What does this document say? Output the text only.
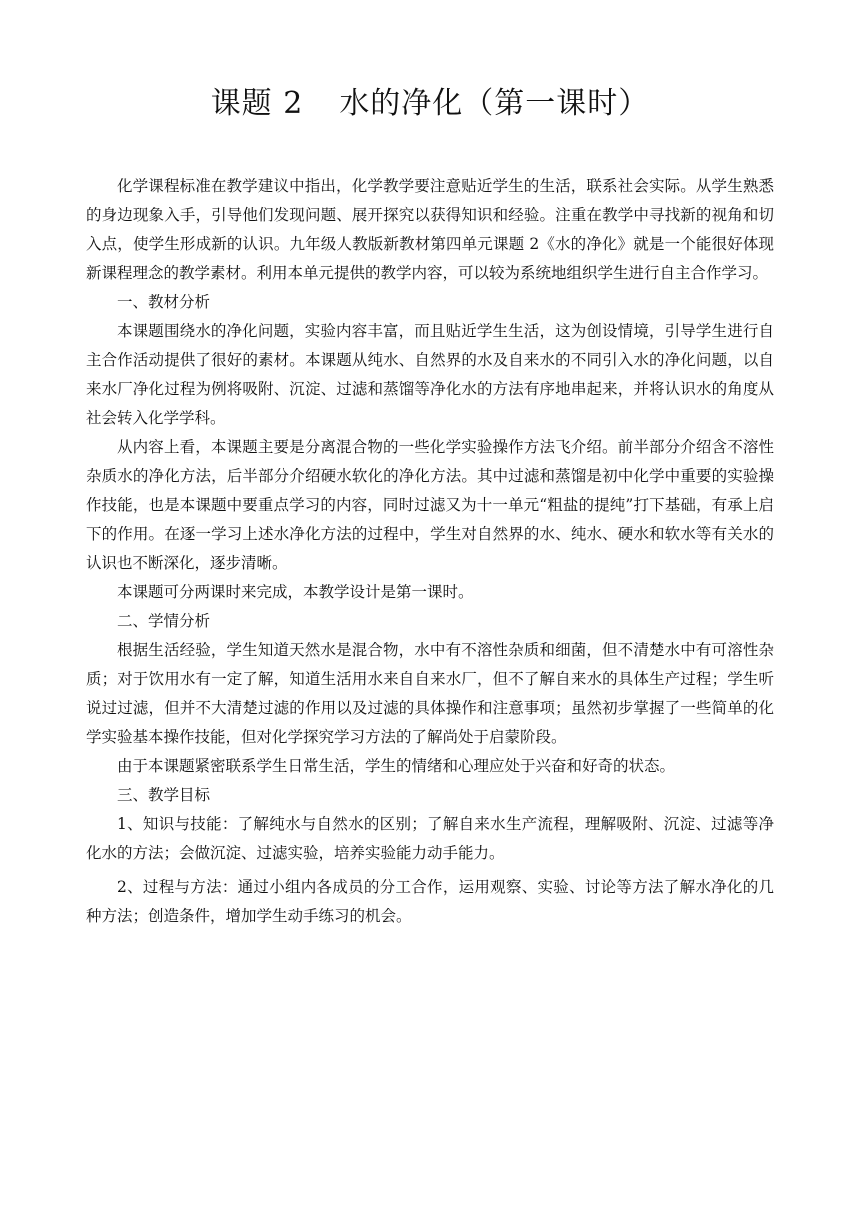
课题 2 水的净化（第一课时）

化学课程标准在教学建议中指出，化学教学要注意贴近学生的生活，联系社会实际。从学生熟悉的身边现象入手，引导他们发现问题、展开探究以获得知识和经验。注重在教学中寻找新的视角和切入点，使学生形成新的认识。九年级人教版新教材第四单元课题 2《水的净化》就是一个能很好体现新课程理念的教学素材。利用本单元提供的教学内容，可以较为系统地组织学生进行自主合作学习。

一、教材分析

本课题围绕水的净化问题，实验内容丰富，而且贴近学生生活，这为创设情境，引导学生进行自主合作活动提供了很好的素材。本课题从纯水、自然界的水及自来水的不同引入水的净化问题，以自来水厂净化过程为例将吸附、沉淀、过滤和蒸馏等净化水的方法有序地串起来，并将认识水的角度从社会转入化学学科。

从内容上看，本课题主要是分离混合物的一些化学实验操作方法飞介绍。前半部分介绍含不溶性杂质水的净化方法，后半部分介绍硬水软化的净化方法。其中过滤和蒸馏是初中化学中重要的实验操作技能，也是本课题中要重点学习的内容，同时过滤又为十一单元“粗盐的提纯”打下基础，有承上启下的作用。在逐一学习上述水净化方法的过程中，学生对自然界的水、纯水、硬水和软水等有关水的认识也不断深化，逐步清晰。

本课题可分两课时来完成，本教学设计是第一课时。

二、学情分析

根据生活经验，学生知道天然水是混合物，水中有不溶性杂质和细菌，但不清楚水中有可溶性杂质；对于饮用水有一定了解，知道生活用水来自自来水厂，但不了解自来水的具体生产过程；学生听说过过滤，但并不大清楚过滤的作用以及过滤的具体操作和注意事项；虽然初步掌握了一些简单的化学实验基本操作技能，但对化学探究学习方法的了解尚处于启蒙阶段。

由于本课题紧密联系学生日常生活，学生的情绪和心理应处于兴奋和好奇的状态。

三、教学目标

1、知识与技能：了解纯水与自然水的区别；了解自来水生产流程，理解吸附、沉淀、过滤等净化水的方法；会做沉淀、过滤实验，培养实验能力动手能力。

2、过程与方法：通过小组内各成员的分工合作，运用观察、实验、讨论等方法了解水净化的几种方法；创造条件，增加学生动手练习的机会。
